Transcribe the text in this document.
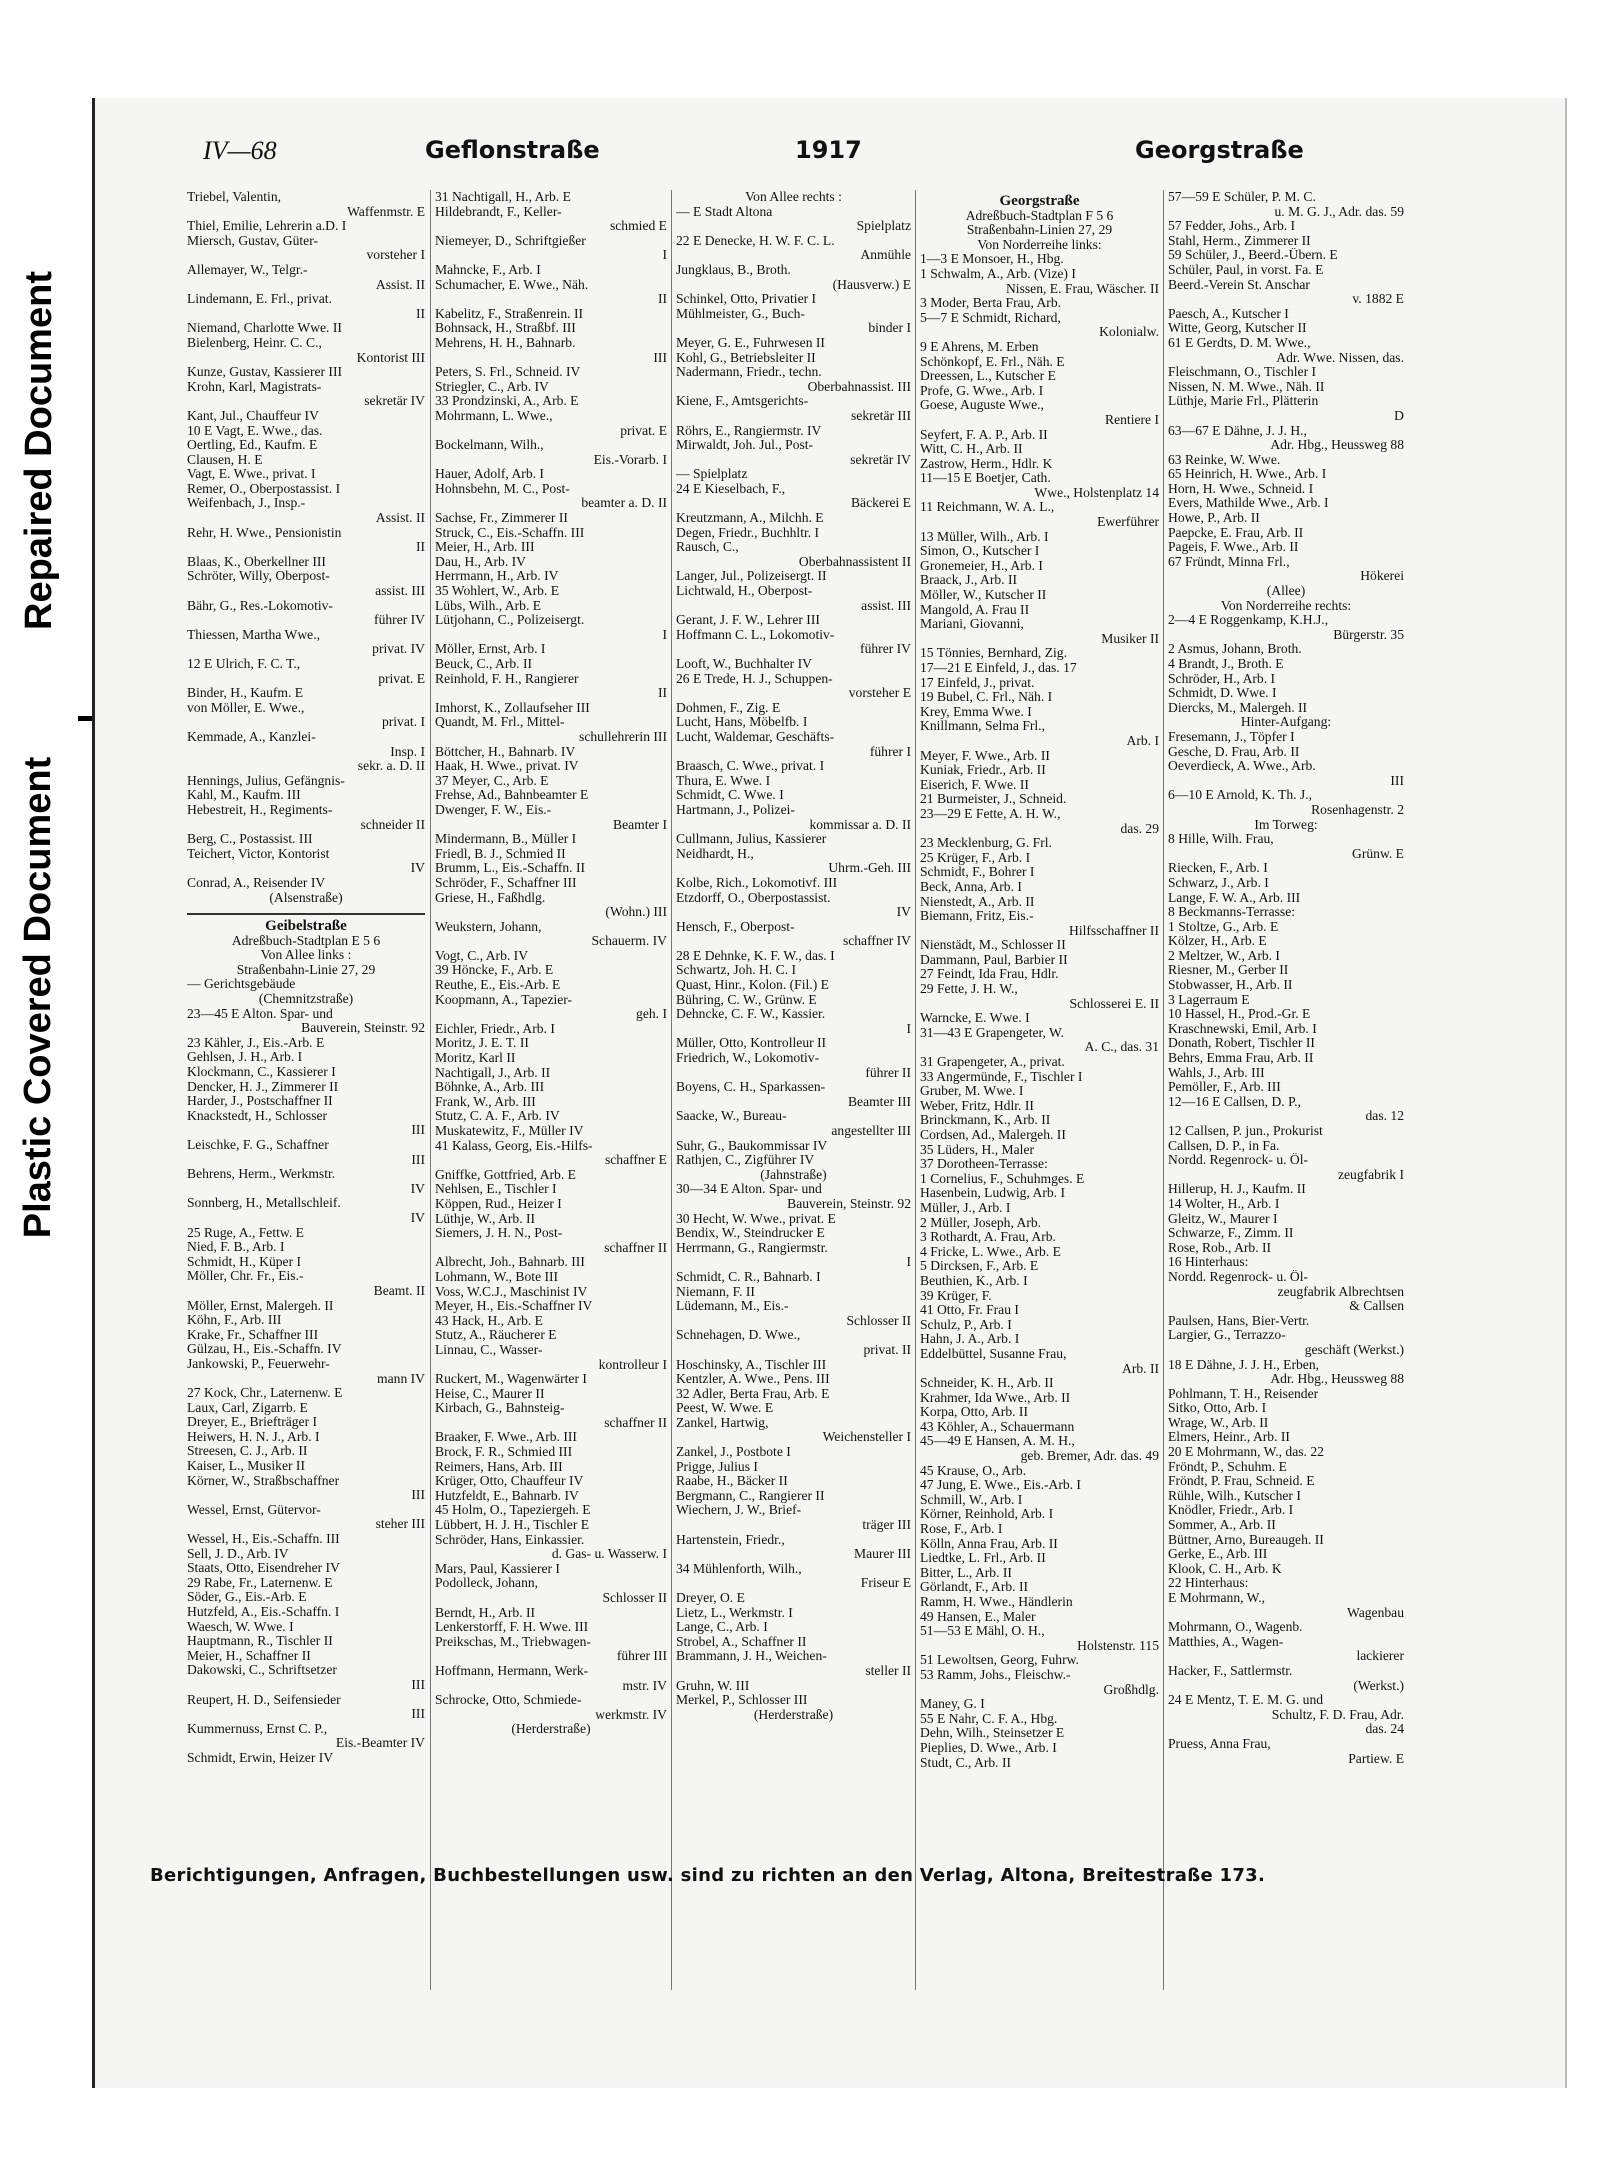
Repaired Document
Plastic Covered Document
IV—68	Geflonstraße	1917	Georgstraße
Triebel, Valentin,
Waffenmstr. E
Thiel, Emilie, Lehrerin a.D. I
Miersch, Gustav, Güter-
vorsteher I
Allemayer, W., Telgr.-
Assist. II
Lindemann, E. Frl., privat.
II
Niemand, Charlotte Wwe. II
Bielenberg, Heinr. C. C.,
Kontorist III
Kunze, Gustav, Kassierer III
Krohn, Karl, Magistrats-
sekretär IV
Kant, Jul., Chauffeur IV
10 E Vagt, E. Wwe., das.
Oertling, Ed., Kaufm. E
Clausen, H. E
Vagt, E. Wwe., privat. I
Remer, O., Oberpostassist. I
Weifenbach, J., Insp.-
Assist. II
Rehr, H. Wwe., Pensionistin
II
Blaas, K., Oberkellner III
Schröter, Willy, Oberpost-
assist. III
Bähr, G., Res.-Lokomotiv-
führer IV
Thiessen, Martha Wwe.,
privat. IV
12 E Ulrich, F. C. T.,
privat. E
Binder, H., Kaufm. E
von Möller, E. Wwe.,
privat. I
Kemmade, A., Kanzlei-
Insp. I
sekr. a. D. II
Hennings, Julius, Gefängnis-
Kahl, M., Kaufm. III
Hebestreit, H., Regiments-
schneider II
Berg, C., Postassist. III
Teichert, Victor, Kontorist
IV
Conrad, A., Reisender IV
(Alsenstraße)
Geibelstraße
Adreßbuch-Stadtplan E 5 6
Von Allee links :
Straßenbahn-Linie 27, 29
— Gerichtsgebäude
(Chemnitzstraße)
23—45 E Alton. Spar- und
Bauverein, Steinstr. 92
23 Kähler, J., Eis.-Arb. E
Gehlsen, J. H., Arb. I
Klockmann, C., Kassierer I
Dencker, H. J., Zimmerer II
Harder, J., Postschaffner II
Knackstedt, H., Schlosser
III
Leischke, F. G., Schaffner
III
Behrens, Herm., Werkmstr.
IV
Sonnberg, H., Metallschleif.
IV
25 Ruge, A., Fettw. E
Nied, F. B., Arb. I
Schmidt, H., Küper I
Möller, Chr. Fr., Eis.-
Beamt. II
Möller, Ernst, Malergeh. II
Köhn, F., Arb. III
Krake, Fr., Schaffner III
Gülzau, H., Eis.-Schaffn. IV
Jankowski, P., Feuerwehr-
mann IV
27 Kock, Chr., Laternenw. E
Laux, Carl, Zigarrb. E
Dreyer, E., Briefträger I
Heiwers, H. N. J., Arb. I
Streesen, C. J., Arb. II
Kaiser, L., Musiker II
Körner, W., Straßbschaffner
III
Wessel, Ernst, Gütervor-
steher III
Wessel, H., Eis.-Schaffn. III
Sell, J. D., Arb. IV
Staats, Otto, Eisendreher IV
29 Rabe, Fr., Laternenw. E
Söder, G., Eis.-Arb. E
Hutzfeld, A., Eis.-Schaffn. I
Waesch, W. Wwe. I
Hauptmann, R., Tischler II
Meier, H., Schaffner II
Dakowski, C., Schriftsetzer
III
Reupert, H. D., Seifensieder
III
Kummernuss, Ernst C. P.,
Eis.-Beamter IV
Schmidt, Erwin, Heizer IV
31 Nachtigall, H., Arb. E
Hildebrandt, F., Keller-
schmied E
Niemeyer, D., Schriftgießer
I
Mahncke, F., Arb. I
Schumacher, E. Wwe., Näh.
II
Kabelitz, F., Straßenrein. II
Bohnsack, H., Straßbf. III
Mehrens, H. H., Bahnarb.
III
Peters, S. Frl., Schneid. IV
Striegler, C., Arb. IV
33 Prondzinski, A., Arb. E
Mohrmann, L. Wwe.,
privat. E
Bockelmann, Wilh.,
Eis.-Vorarb. I
Hauer, Adolf, Arb. I
Hohnsbehn, M. C., Post-
beamter a. D. II
Sachse, Fr., Zimmerer II
Struck, C., Eis.-Schaffn. III
Meier, H., Arb. III
Dau, H., Arb. IV
Herrmann, H., Arb. IV
35 Wohlert, W., Arb. E
Lübs, Wilh., Arb. E
Lütjohann, C., Polizeisergt.
I
Möller, Ernst, Arb. I
Beuck, C., Arb. II
Reinhold, F. H., Rangierer
II
Imhorst, K., Zollaufseher III
Quandt, M. Frl., Mittel-
schullehrerin III
Böttcher, H., Bahnarb. IV
Haak, H. Wwe., privat. IV
37 Meyer, C., Arb. E
Frehse, Ad., Bahnbeamter E
Dwenger, F. W., Eis.-
Beamter I
Mindermann, B., Müller I
Friedl, B. J., Schmied II
Brumm, L., Eis.-Schaffn. II
Schröder, F., Schaffner III
Griese, H., Faßhdlg.
(Wohn.) III
Weukstern, Johann,
Schauerm. IV
Vogt, C., Arb. IV
39 Höncke, F., Arb. E
Reuthe, E., Eis.-Arb. E
Koopmann, A., Tapezier-
geh. I
Eichler, Friedr., Arb. I
Moritz, J. E. T. II
Moritz, Karl II
Nachtigall, J., Arb. II
Böhnke, A., Arb. III
Frank, W., Arb. III
Stutz, C. A. F., Arb. IV
Muskatewitz, F., Müller IV
41 Kalass, Georg, Eis.-Hilfs-
schaffner E
Gniffke, Gottfried, Arb. E
Nehlsen, E., Tischler I
Köppen, Rud., Heizer I
Lüthje, W., Arb. II
Siemers, J. H. N., Post-
schaffner II
Albrecht, Joh., Bahnarb. III
Lohmann, W., Bote III
Voss, W.C.J., Maschinist IV
Meyer, H., Eis.-Schaffner IV
43 Hack, H., Arb. E
Stutz, A., Räucherer E
Linnau, C., Wasser-
kontrolleur I
Ruckert, M., Wagenwärter I
Heise, C., Maurer II
Kirbach, G., Bahnsteig-
schaffner II
Braaker, F. Wwe., Arb. III
Brock, F. R., Schmied III
Reimers, Hans, Arb. III
Krüger, Otto, Chauffeur IV
Hutzfeldt, E., Bahnarb. IV
45 Holm, O., Tapeziergeh. E
Lübbert, H. J. H., Tischler E
Schröder, Hans, Einkassier.
d. Gas- u. Wasserw. I
Mars, Paul, Kassierer I
Podolleck, Johann,
Schlosser II
Berndt, H., Arb. II
Lenkerstorff, F. H. Wwe. III
Preikschas, M., Triebwagen-
führer III
Hoffmann, Hermann, Werk-
mstr. IV
Schrocke, Otto, Schmiede-
werkmstr. IV
(Herderstraße)
Von Allee rechts :
— E Stadt Altona
Spielplatz
22 E Denecke, H. W. F. C. L.
Anmühle
Jungklaus, B., Broth.
(Hausverw.) E
Schinkel, Otto, Privatier I
Mühlmeister, G., Buch-
binder I
Meyer, G. E., Fuhrwesen II
Kohl, G., Betriebsleiter II
Nadermann, Friedr., techn.
Oberbahnassist. III
Kiene, F., Amtsgerichts-
sekretär III
Röhrs, E., Rangiermstr. IV
Mirwaldt, Joh. Jul., Post-
sekretär IV
— Spielplatz
24 E Kieselbach, F.,
Bäckerei E
Kreutzmann, A., Milchh. E
Degen, Friedr., Buchhltr. I
Rausch, C.,
Oberbahnassistent II
Langer, Jul., Polizeisergt. II
Lichtwald, H., Oberpost-
assist. III
Gerant, J. F. W., Lehrer III
Hoffmann C. L., Lokomotiv-
führer IV
Looft, W., Buchhalter IV
26 E Trede, H. J., Schuppen-
vorsteher E
Dohmen, F., Zig. E
Lucht, Hans, Möbelfb. I
Lucht, Waldemar, Geschäfts-
führer I
Braasch, C. Wwe., privat. I
Thura, E. Wwe. I
Schmidt, C. Wwe. I
Hartmann, J., Polizei-
kommissar a. D. II
Cullmann, Julius, Kassierer
Neidhardt, H.,
Uhrm.-Geh. III
Kolbe, Rich., Lokomotivf. III
Etzdorff, O., Oberpostassist.
IV
Hensch, F., Oberpost-
schaffner IV
28 E Dehnke, K. F. W., das. I
Schwartz, Joh. H. C. I
Quast, Hinr., Kolon. (Fil.) E
Bühring, C. W., Grünw. E
Dehncke, C. F. W., Kassier.
I
Müller, Otto, Kontrolleur II
Friedrich, W., Lokomotiv-
führer II
Boyens, C. H., Sparkassen-
Beamter III
Saacke, W., Bureau-
angestellter III
Suhr, G., Baukommissar IV
Rathjen, C., Zigführer IV
(Jahnstraße)
30—34 E Alton. Spar- und
Bauverein, Steinstr. 92
30 Hecht, W. Wwe., privat. E
Bendix, W., Steindrucker E
Herrmann, G., Rangiermstr.
I
Schmidt, C. R., Bahnarb. I
Niemann, F. II
Lüdemann, M., Eis.-
Schlosser II
Schnehagen, D. Wwe.,
privat. II
Hoschinsky, A., Tischler III
Kentzler, A. Wwe., Pens. III
32 Adler, Berta Frau, Arb. E
Peest, W. Wwe. E
Zankel, Hartwig,
Weichensteller I
Zankel, J., Postbote I
Prigge, Julius I
Raabe, H., Bäcker II
Bergmann, C., Rangierer II
Wiechern, J. W., Brief-
träger III
Hartenstein, Friedr.,
Maurer III
34 Mühlenforth, Wilh.,
Friseur E
Dreyer, O. E
Lietz, L., Werkmstr. I
Lange, C., Arb. I
Strobel, A., Schaffner II
Brammann, J. H., Weichen-
steller II
Gruhn, W. III
Merkel, P., Schlosser III
(Herderstraße)
Georgstraße
Adreßbuch-Stadtplan F 5 6
Straßenbahn-Linien 27, 29
Von Norderreihe links:
1—3 E Monsoer, H., Hbg.
1 Schwalm, A., Arb. (Vize) I
Nissen, E. Frau, Wäscher. II
3 Moder, Berta Frau, Arb.
5—7 E Schmidt, Richard,
Kolonialw.
9 E Ahrens, M. Erben
Schönkopf, E. Frl., Näh. E
Dreessen, L., Kutscher E
Profe, G. Wwe., Arb. I
Goese, Auguste Wwe.,
Rentiere I
Seyfert, F. A. P., Arb. II
Witt, C. H., Arb. II
Zastrow, Herm., Hdlr. K
11—15 E Boetjer, Cath.
Wwe., Holstenplatz 14
11 Reichmann, W. A. L.,
Ewerführer
13 Müller, Wilh., Arb. I
Simon, O., Kutscher I
Gronemeier, H., Arb. I
Braack, J., Arb. II
Möller, W., Kutscher II
Mangold, A. Frau II
Mariani, Giovanni,
Musiker II
15 Tönnies, Bernhard, Zig.
17—21 E Einfeld, J., das. 17
17 Einfeld, J., privat.
19 Bubel, C. Frl., Näh. I
Krey, Emma Wwe. I
Knillmann, Selma Frl.,
Arb. I
Meyer, F. Wwe., Arb. II
Kuniak, Friedr., Arb. II
Eiserich, F. Wwe. II
21 Burmeister, J., Schneid.
23—29 E Fette, A. H. W.,
das. 29
23 Mecklenburg, G. Frl.
25 Krüger, F., Arb. I
Schmidt, F., Bohrer I
Beck, Anna, Arb. I
Nienstedt, A., Arb. II
Biemann, Fritz, Eis.-
Hilfsschaffner II
Nienstädt, M., Schlosser II
Dammann, Paul, Barbier II
27 Feindt, Ida Frau, Hdlr.
29 Fette, J. H. W.,
Schlosserei E. II
Warncke, E. Wwe. I
31—43 E Grapengeter, W.
A. C., das. 31
31 Grapengeter, A., privat.
33 Angermünde, F., Tischler I
Gruber, M. Wwe. I
Weber, Fritz, Hdlr. II
Brinckmann, K., Arb. II
Cordsen, Ad., Malergeh. II
35 Lüders, H., Maler
37 Dorotheen-Terrasse:
1 Cornelius, F., Schuhmges. E
Hasenbein, Ludwig, Arb. I
Müller, J., Arb. I
2 Müller, Joseph, Arb.
3 Rothardt, A. Frau, Arb.
4 Fricke, L. Wwe., Arb. E
5 Dircksen, F., Arb. E
Beuthien, K., Arb. I
39 Krüger, F.
41 Otto, Fr. Frau I
Schulz, P., Arb. I
Hahn, J. A., Arb. I
Eddelbüttel, Susanne Frau,
Arb. II
Schneider, K. H., Arb. II
Krahmer, Ida Wwe., Arb. II
Korpa, Otto, Arb. II
43 Köhler, A., Schauermann
45—49 E Hansen, A. M. H.,
geb. Bremer, Adr. das. 49
45 Krause, O., Arb.
47 Jung, E. Wwe., Eis.-Arb. I
Schmill, W., Arb. I
Körner, Reinhold, Arb. I
Rose, F., Arb. I
Kölln, Anna Frau, Arb. II
Liedtke, L. Frl., Arb. II
Bitter, L., Arb. II
Görlandt, F., Arb. II
Ramm, H. Wwe., Händlerin
49 Hansen, E., Maler
51—53 E Mähl, O. H.,
Holstenstr. 115
51 Lewoltsen, Georg, Fuhrw.
53 Ramm, Johs., Fleischw.-
Großhdlg.
Maney, G. I
55 E Nahr, C. F. A., Hbg.
Dehn, Wilh., Steinsetzer E
Pieplies, D. Wwe., Arb. I
Studt, C., Arb. II
57—59 E Schüler, P. M. C.
u. M. G. J., Adr. das. 59
57 Fedder, Johs., Arb. I
Stahl, Herm., Zimmerer II
59 Schüler, J., Beerd.-Übern. E
Schüler, Paul, in vorst. Fa. E
Beerd.-Verein St. Anschar
v. 1882 E
Paesch, A., Kutscher I
Witte, Georg, Kutscher II
61 E Gerdts, D. M. Wwe.,
Adr. Wwe. Nissen, das.
Fleischmann, O., Tischler I
Nissen, N. M. Wwe., Näh. II
Lüthje, Marie Frl., Plätterin
D
63—67 E Dähne, J. J. H.,
Adr. Hbg., Heussweg 88
63 Reinke, W. Wwe.
65 Heinrich, H. Wwe., Arb. I
Horn, H. Wwe., Schneid. I
Evers, Mathilde Wwe., Arb. I
Howe, P., Arb. II
Paepcke, E. Frau, Arb. II
Pageis, F. Wwe., Arb. II
67 Fründt, Minna Frl.,
Hökerei
(Allee)
Von Norderreihe rechts:
2—4 E Roggenkamp, K.H.J.,
Bürgerstr. 35
2 Asmus, Johann, Broth.
4 Brandt, J., Broth. E
Schröder, H., Arb. I
Schmidt, D. Wwe. I
Diercks, M., Malergeh. II
Hinter-Aufgang:
Fresemann, J., Töpfer I
Gesche, D. Frau, Arb. II
Oeverdieck, A. Wwe., Arb.
III
6—10 E Arnold, K. Th. J.,
Rosenhagenstr. 2
Im Torweg:
8 Hille, Wilh. Frau,
Grünw. E
Riecken, F., Arb. I
Schwarz, J., Arb. I
Lange, F. W. A., Arb. III
8 Beckmanns-Terrasse:
1 Stoltze, G., Arb. E
Kölzer, H., Arb. E
2 Meltzer, W., Arb. I
Riesner, M., Gerber II
Stobwasser, H., Arb. II
3 Lagerraum E
10 Hassel, H., Prod.-Gr. E
Kraschnewski, Emil, Arb. I
Donath, Robert, Tischler II
Behrs, Emma Frau, Arb. II
Wahls, J., Arb. III
Pemöller, F., Arb. III
12—16 E Callsen, D. P.,
das. 12
12 Callsen, P. jun., Prokurist
Callsen, D. P., in Fa.
Nordd. Regenrock- u. Öl-
zeugfabrik I
Hillerup, H. J., Kaufm. II
14 Wolter, H., Arb. I
Gleitz, W., Maurer I
Schwarze, F., Zimm. II
Rose, Rob., Arb. II
16 Hinterhaus:
Nordd. Regenrock- u. Öl-
zeugfabrik Albrechtsen
& Callsen
Paulsen, Hans, Bier-Vertr.
Largier, G., Terrazzo-
geschäft (Werkst.)
18 E Dähne, J. J. H., Erben,
Adr. Hbg., Heussweg 88
Pohlmann, T. H., Reisender
Sitko, Otto, Arb. I
Wrage, W., Arb. II
Elmers, Heinr., Arb. II
20 E Mohrmann, W., das. 22
Fröndt, P., Schuhm. E
Fröndt, P. Frau, Schneid. E
Rühle, Wilh., Kutscher I
Knödler, Friedr., Arb. I
Sommer, A., Arb. II
Büttner, Arno, Bureaugeh. II
Gerke, E., Arb. III
Klook, C. H., Arb. K
22 Hinterhaus:
E Mohrmann, W.,
Wagenbau
Mohrmann, O., Wagenb.
Matthies, A., Wagen-
lackierer
Hacker, F., Sattlermstr.
(Werkst.)
24 E Mentz, T. E. M. G. und
Schultz, F. D. Frau, Adr.
das. 24
Pruess, Anna Frau,
Partiew. E
Berichtigungen, Anfragen, Buchbestellungen usw. sind zu richten an den Verlag, Altona, Breitestraße 173.
